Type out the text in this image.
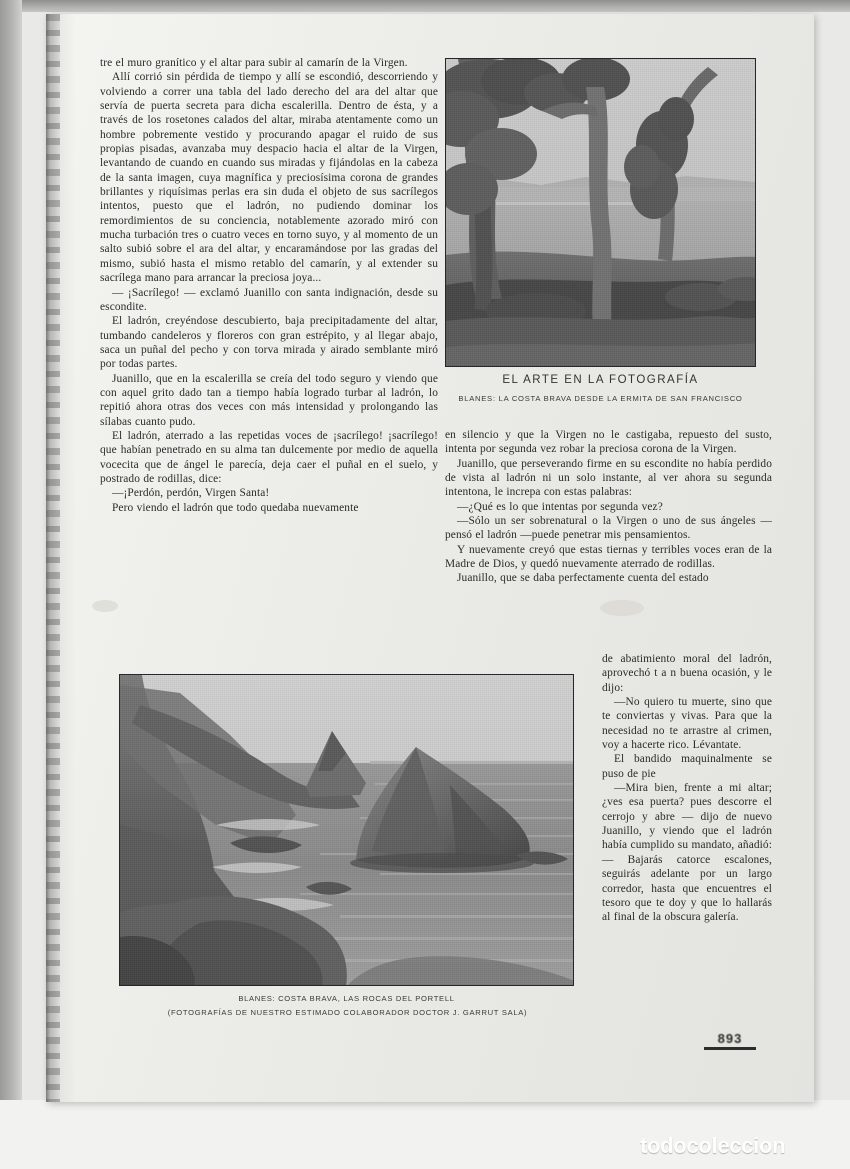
EL ARTE EN LA FOTOGRAFÍA
BLANES: LA COSTA BRAVA DESDE LA ERMITA DE SAN FRANCISCO

tre el muro granítico y el altar para subir al camarín de la Virgen.

Allí corrió sin pérdida de tiempo y allí se escondió, descorriendo y volviendo a correr una tabla del lado derecho del ara del altar que servía de puerta secreta para dicha escalerilla. Dentro de ésta, y a través de los rosetones calados del altar, miraba atentamente como un hombre pobremente vestido y procurando apagar el ruido de sus propias pisadas, avanzaba muy despacio hacia el altar de la Virgen, levantando de cuando en cuando sus miradas y fijándolas en la cabeza de la santa imagen, cuya magnífica y preciosísima corona de grandes brillantes y riquísimas perlas era sin duda el objeto de sus sacrílegos intentos, puesto que el ladrón, no pudiendo dominar los remordimientos de su conciencia, notablemente azorado miró con mucha turbación tres o cuatro veces en torno suyo, y al momento de un salto subió sobre el ara del altar, y encaramándose por las gradas del mismo, subió hasta el mismo retablo del camarín, y al extender su sacrílega mano para arrancar la preciosa joya...

— ¡Sacrílego! — exclamó Juanillo con santa indignación, desde su escondite.

El ladrón, creyéndose descubierto, baja precipitadamente del altar, tumbando candeleros y floreros con gran estrépito, y al llegar abajo, saca un puñal del pecho y con torva mirada y airado semblante miró por todas partes.

Juanillo, que en la escalerilla se creía del todo seguro y viendo que con aquel grito dado tan a tiempo había logrado turbar al ladrón, lo repitió ahora otras dos veces con más intensidad y prolongando las sílabas cuanto pudo.

El ladrón, aterrado a las repetidas voces de ¡sacrílego! ¡sacrílego! que habían penetrado en su alma tan dulcemente por medio de aquella vocecita que de ángel le parecía, deja caer el puñal en el suelo, y postrado de rodillas, dice:

—¡Perdón, perdón, Virgen Santa!

Pero viendo el ladrón que todo quedaba nuevamente

en silencio y que la Virgen no le castigaba, repuesto del susto, intenta por segunda vez robar la preciosa corona de la Virgen.

Juanillo, que perseverando firme en su escondite no había perdido de vista al ladrón ni un solo instante, al ver ahora su segunda intentona, le increpa con estas palabras:

—¿Qué es lo que intentas por segunda vez?

—Sólo un ser sobrenatural o la Virgen o uno de sus ángeles —pensó el ladrón —puede penetrar mis pensamientos.

Y nuevamente creyó que estas tiernas y terribles voces eran de la Madre de Dios, y quedó nuevamente aterrado de rodillas.

Juanillo, que se daba perfectamente cuenta del estado

de abatimiento moral del ladrón, aprovechó t a n buena ocasión, y le dijo:

—No quiero tu muerte, sino que te conviertas y vivas. Para que la necesidad no te arrastre al crimen, voy a hacerte rico. Lévantate.

El bandido maquinalmente se puso de pie

—Mira bien, frente a mi altar; ¿ves esa puerta? pues descorre el cerrojo y abre — dijo de nuevo Juanillo, y viendo que el ladrón había cumplido su mandato, añadió:— Bajarás catorce escalones, seguirás adelante por un largo corredor, hasta que encuentres el tesoro que te doy y que lo hallarás al final de la obscura galería.

BLANES: COSTA BRAVA, LAS ROCAS DEL PORTELL
(FOTOGRAFÍAS DE NUESTRO ESTIMADO COLABORADOR DOCTOR J. GARRUT SALA)
893
todocoleccion
